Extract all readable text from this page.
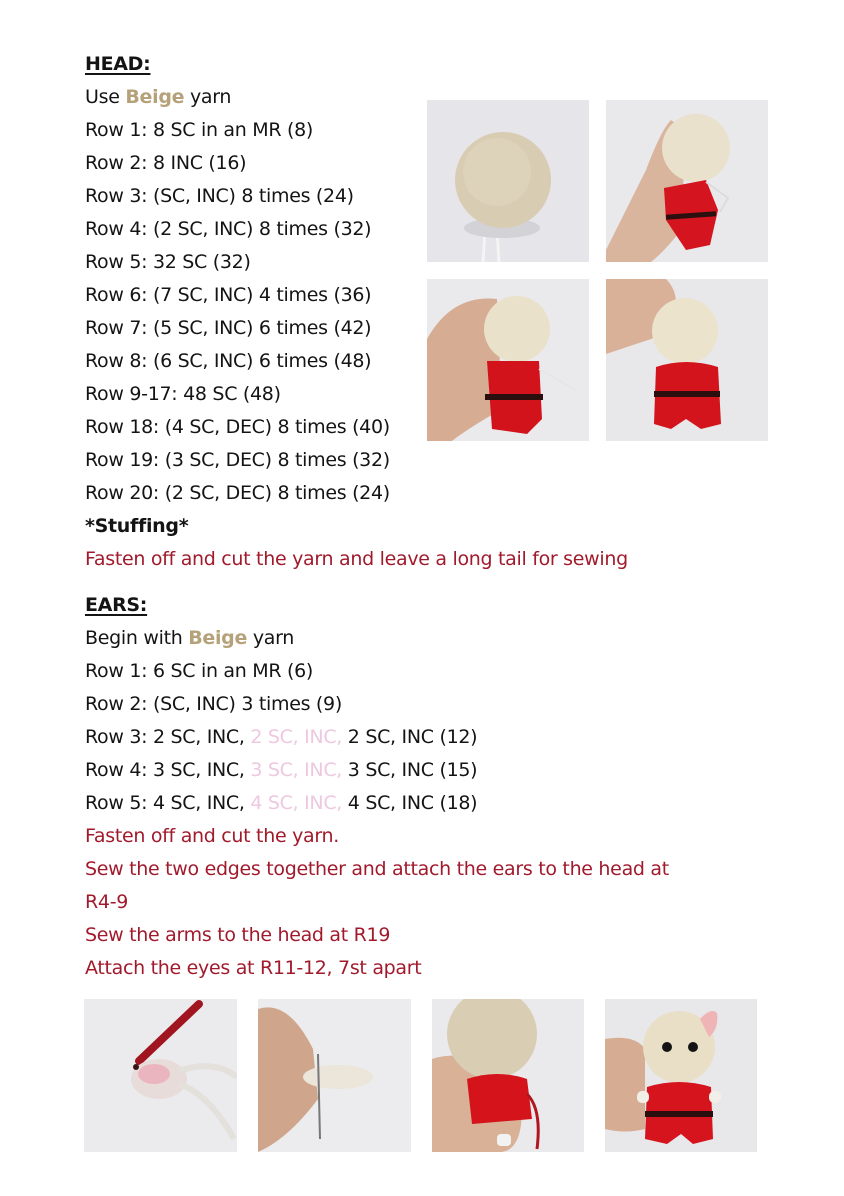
HEAD:
Use Beige yarn
Row 1: 8 SC in an MR (8)
Row 2: 8 INC (16)
Row 3: (SC, INC) 8 times (24)
Row 4: (2 SC, INC) 8 times (32)
Row 5: 32 SC (32)
Row 6: (7 SC, INC) 4 times (36)
Row 7: (5 SC, INC) 6 times (42)
Row 8: (6 SC, INC) 6 times (48)
Row 9-17: 48 SC (48)
Row 18: (4 SC, DEC) 8 times (40)
Row 19: (3 SC, DEC) 8 times (32)
Row 20: (2 SC, DEC) 8 times (24)
*Stuffing*
Fasten off and cut the yarn and leave a long tail for sewing
EARS:
Begin with Beige yarn
Row 1: 6 SC in an MR (6)
Row 2: (SC, INC) 3 times (9)
Row 3: 2 SC, INC, 2 SC, INC, 2 SC, INC (12)
Row 4: 3 SC, INC, 3 SC, INC, 3 SC, INC (15)
Row 5: 4 SC, INC, 4 SC, INC, 4 SC, INC (18)
Fasten off and cut the yarn.
Sew the two edges together and attach the ears to the head at
R4-9
Sew the arms to the head at R19
Attach the eyes at R11-12, 7st apart
